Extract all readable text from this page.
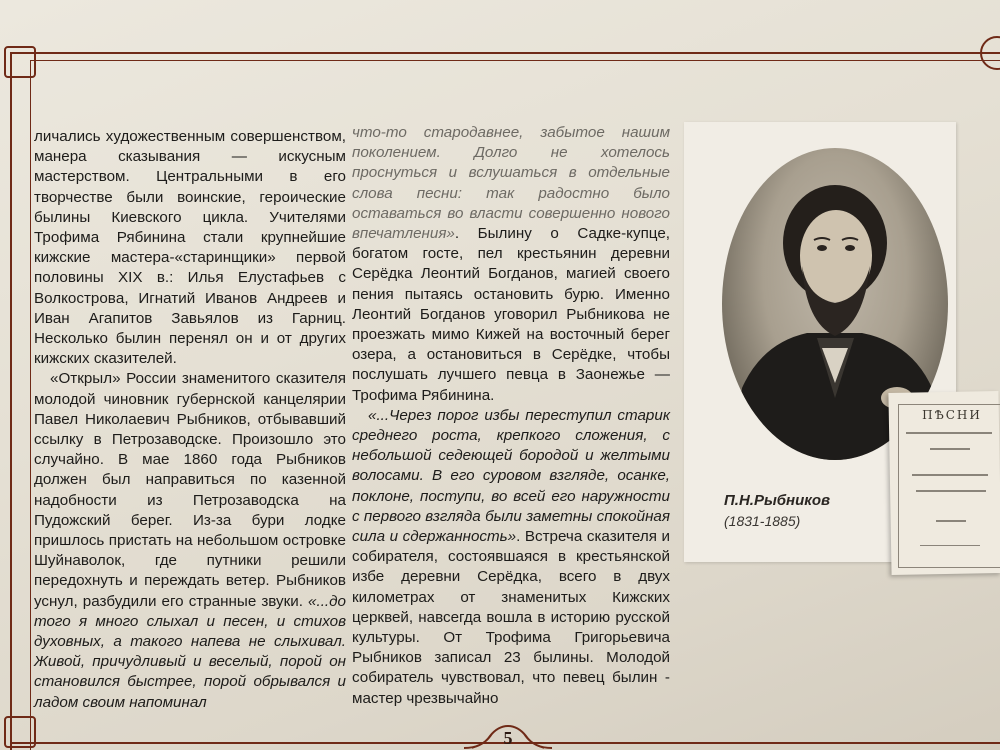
личались художественным совершенством, манера сказывания — искусным мастерством. Центральными в его творчестве были воинские, героические былины Киевского цикла. Учителями Трофима Рябинина стали крупнейшие кижские мастера-«старинщики» первой половины XIX в.: Илья Елустафьев с Волкостровa, Игнатий Иванов Андреев и Иван Агапитов Завьялов из Гарниц. Несколько былин перенял он и от других кижских сказителей.

«Открыл» России знаменитого сказителя молодой чиновник губернской канцелярии Павел Николаевич Рыбников, отбывавший ссылку в Петрозаводске. Произошло это случайно. В мае 1860 года Рыбников должен был направиться по казенной надобности из Петрозаводска на Пудожский берег. Из-за бури лодке пришлось пристать на небольшом островке Шуйнаволок, где путники решили передохнуть и переждать ветер. Рыбников уснул, разбудили его странные звуки. «...до того я много слыхал и песен, и стихов духовных, а такого напева не слыхивал. Живой, причудливый и веселый, порой он становился быстрее, порой обрывался и ладом своим напоминал

что-то стародавнее, забытое нашим поколением. Долго не хотелось проснуться и вслушаться в отдельные слова песни: так радостно было оставаться во власти совершенно нового впечатления». Былину о Садке-купце, богатом госте, пел крестьянин деревни Серёдка Леонтий Богданов, магией своего пения пытаясь остановить бурю. Именно Леонтий Богданов уговорил Рыбникова не проезжать мимо Кижей на восточный берег озера, а остановиться в Серёдке, чтобы послушать лучшего певца в Заонежье — Трофима Рябинина.

«...Через порог избы переступил старик среднего роста, крепкого сложения, с небольшой седеющей бородой и желтыми волосами. В его суровом взгляде, осанке, поклоне, поступи, во всей его наружности с первого взгляда были заметны спокойная сила и сдержанность». Встреча сказителя и собирателя, состоявшаяся в крестьянской избе деревни Серёдка, всего в двух километрах от знаменитых Кижских церквей, навсегда вошла в историю русской культуры. От Трофима Григорьевича Рыбников записал 23 былины. Молодой собиратель чувствовал, что певец былин - мастер чрезвычайно

П.Н.Рыбников
(1831-1885)
ПѢСНИ
5
